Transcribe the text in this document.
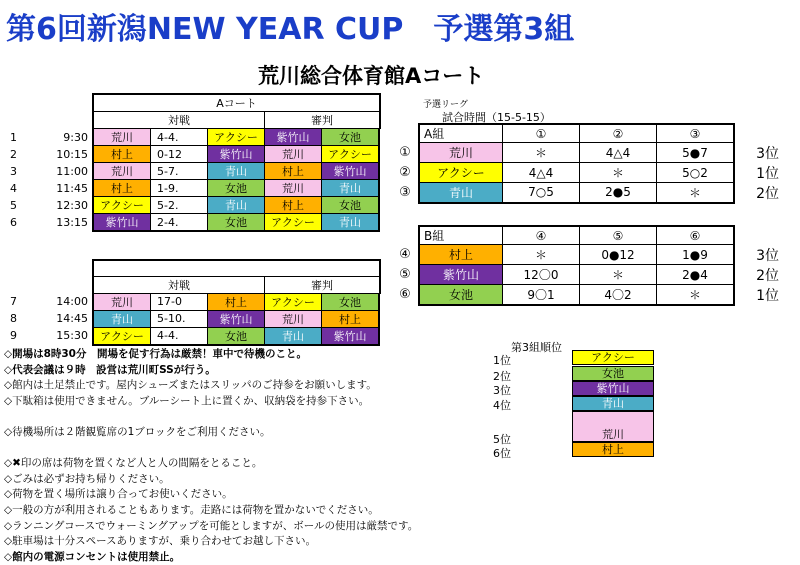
第6回新潟NEW YEAR CUP　予選第3組
荒川総合体育館Aコート
		Aコート					
		対戦			審判		
1	9:30	荒川	4-4.	アクシー	紫竹山	女池	
2	10:15	村上	0-12	紫竹山	荒川	アクシー	
3	11:00	荒川	5-7.	青山	村上	紫竹山	
4	11:45	村上	1-9.	女池	荒川	青山	
5	12:30	アクシー	5-2.	青山	村上	女池	
6	13:15	紫竹山	2-4.	女池	アクシー	青山	

		対戦			審判		
7	14:00	荒川	17-0	村上	アクシー	女池	
8	14:45	青山	5-10.	紫竹山	荒川	村上	
9	15:30	アクシー	4-4.	女池	青山	紫竹山	
予選リーグ
試合時間（15-5-15）
	A組	①	②	③	
①	荒川	＊	4△4	5●7	3位
②	アクシー	4△4	＊	5○2	1位
③	青山	7○5	2●5	＊	2位
	B組	④	⑤	⑥	
④	村上	＊	0●12	1●9	3位
⑤	紫竹山	12〇0	＊	2●4	2位
⑥	女池	9〇1	4〇2	＊	1位
第3組順位
1位	アクシー
2位	女池
3位	紫竹山
4位	青山
5位	荒川
6位	村上
◇開場は8時30分　開場を促す行為は厳禁！車中で待機のこと。
◇代表会議は９時　設営は荒川町SSが行う。
◇館内は土足禁止です。屋内シューズまたはスリッパのご持参をお願いします。
◇下駄箱は使用できません。ブルーシート上に置くか、収納袋を持参下さい。
◇待機場所は２階観覧席の1ブロックをご利用ください。
◇✖印の席は荷物を置くなど人と人の間隔をとること。
◇ごみは必ずお持ち帰りください。
◇荷物を置く場所は譲り合ってお使いください。
◇一般の方が利用されることもあります。走路には荷物を置かないでください。
◇ランニングコースでウォーミングアップを可能としますが、ボールの使用は厳禁です。
◇駐車場は十分スペースありますが、乗り合わせてお越し下さい。
◇館内の電源コンセントは使用禁止。
